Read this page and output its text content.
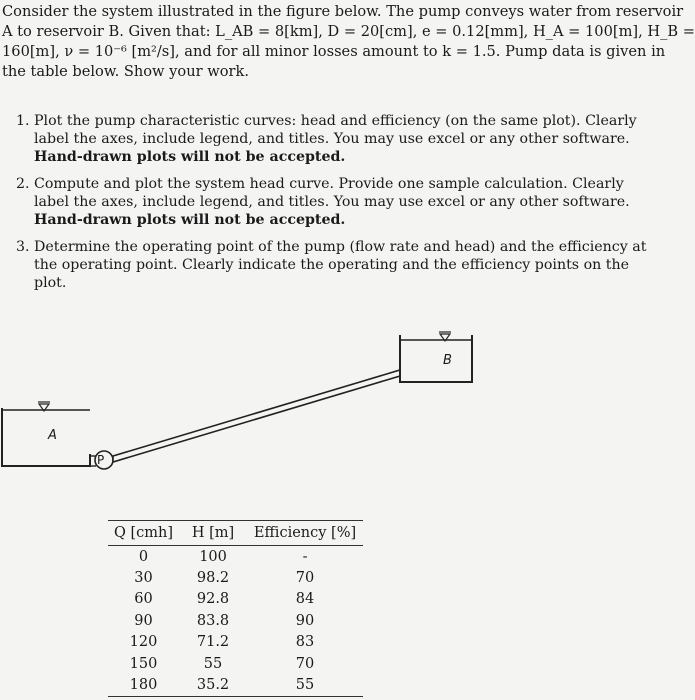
Consider the system illustrated in the figure below. The pump conveys water from reservoir

A to reservoir B. Given that: L_AB = 8[km], D = 20[cm], e = 0.12[mm], H_A = 100[m], H_B =

160[m], ν = 10⁻⁶ [m²/s], and for all minor losses amount to k = 1.5. Pump data is given in

the table below. Show your work.

1. Plot the pump characteristic curves: head and efficiency (on the same plot). Clearly
label the axes, include legend, and titles. You may use excel or any other software.
Hand-drawn plots will not be accepted.
2. Compute and plot the system head curve. Provide one sample calculation. Clearly
label the axes, include legend, and titles. You may use excel or any other software.
Hand-drawn plots will not be accepted.
3. Determine the operating point of the pump (flow rate and head) and the efficiency at
the operating point. Clearly indicate the operating and the efficiency points on the
plot.
A
B
P
Q [cmh]	H [m]	Efficiency [%]
0	100	-
30	98.2	70
60	92.8	84
90	83.8	90
120	71.2	83
150	55	70
180	35.2	55
